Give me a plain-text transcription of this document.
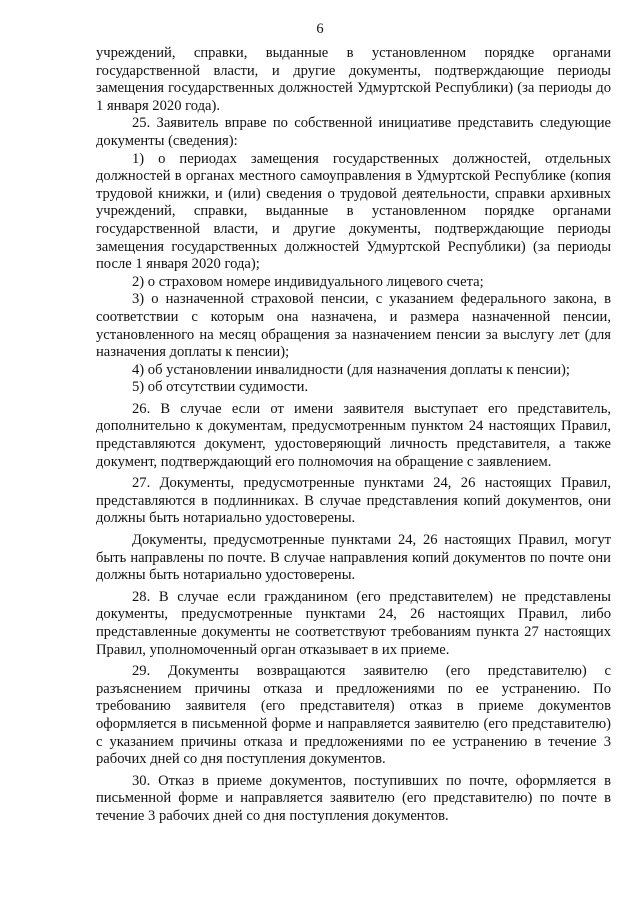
6

учреждений, справки, выданные в установленном порядке органами государственной власти, и другие документы, подтверждающие периоды замещения государственных должностей Удмуртской Республики) (за периоды до 1 января 2020 года).

25. Заявитель вправе по собственной инициативе представить следующие документы (сведения):

1) о периодах замещения государственных должностей, отдельных должностей в органах местного самоуправления в Удмуртской Республике (копия трудовой книжки, и (или) сведения о трудовой деятельности, справки архивных учреждений, справки, выданные в установленном порядке органами государственной власти, и другие документы, подтверждающие периоды замещения государственных должностей Удмуртской Республики) (за периоды после 1 января 2020 года);

2) о страховом номере индивидуального лицевого счета;

3) о назначенной страховой пенсии, с указанием федерального закона, в соответствии с которым она назначена, и размера назначенной пенсии, установленного на месяц обращения за назначением пенсии за выслугу лет (для назначения доплаты к пенсии);

4) об установлении инвалидности (для назначения доплаты к пенсии);

5) об отсутствии судимости.

26. В случае если от имени заявителя выступает его представитель, дополнительно к документам, предусмотренным пунктом 24 настоящих Правил, представляются документ, удостоверяющий личность представителя, а также документ, подтверждающий его полномочия на обращение с заявлением.

27. Документы, предусмотренные пунктами 24, 26 настоящих Правил, представляются в подлинниках. В случае представления копий документов, они должны быть нотариально удостоверены.

Документы, предусмотренные пунктами 24, 26 настоящих Правил, могут быть направлены по почте. В случае направления копий документов по почте они должны быть нотариально удостоверены.

28. В случае если гражданином (его представителем) не представлены документы, предусмотренные пунктами 24, 26 настоящих Правил, либо представленные документы не соответствуют требованиям пункта 27 настоящих Правил, уполномоченный орган отказывает в их приеме.

29. Документы возвращаются заявителю (его представителю) с разъяснением причины отказа и предложениями по ее устранению. По требованию заявителя (его представителя) отказ в приеме документов оформляется в письменной форме и направляется заявителю (его представителю) с указанием причины отказа и предложениями по ее устранению в течение 3 рабочих дней со дня поступления документов.

30. Отказ в приеме документов, поступивших по почте, оформляется в письменной форме и направляется заявителю (его представителю) по почте в течение 3 рабочих дней со дня поступления документов.
